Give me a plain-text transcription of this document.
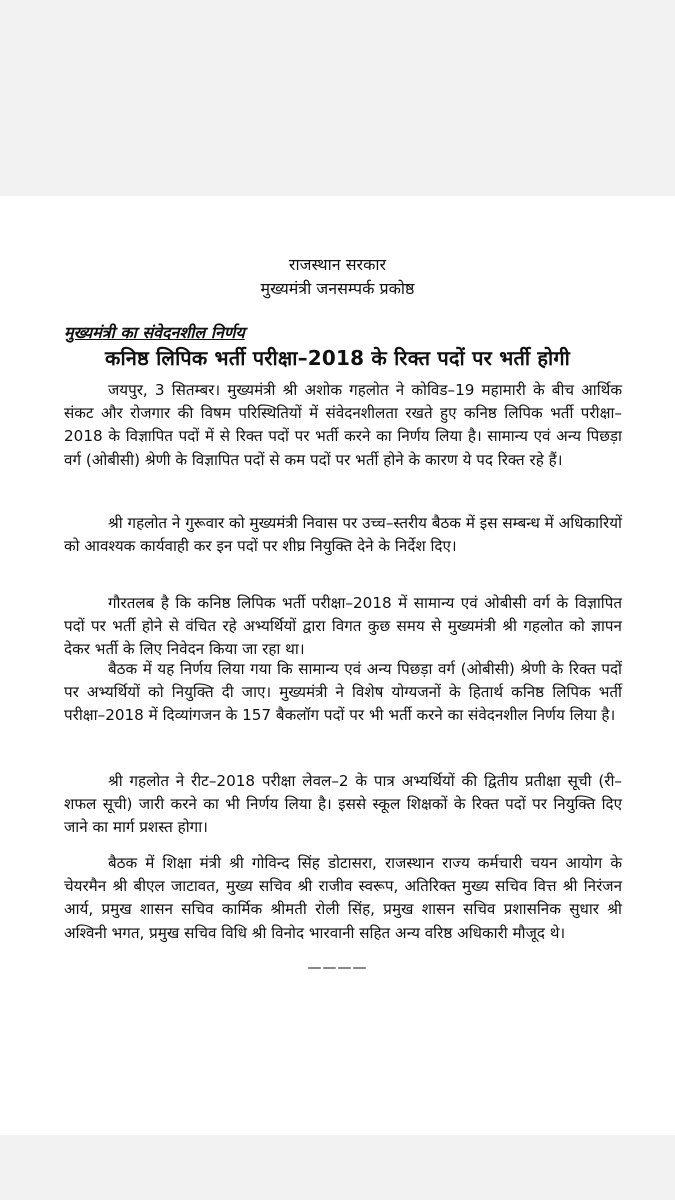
राजस्थान सरकार
मुख्यमंत्री जनसम्पर्क प्रकोष्ठ
मुख्यमंत्री का संवेदनशील निर्णय
कनिष्ठ लिपिक भर्ती परीक्षा–2018 के रिक्त पदों पर भर्ती होगी

जयपुर, 3 सितम्बर। मुख्यमंत्री श्री अशोक गहलोत ने कोविड–19 महामारी के बीच आर्थिक संकट और रोजगार की विषम परिस्थितियों में संवेदनशीलता रखते हुए कनिष्ठ लिपिक भर्ती परीक्षा–2018 के विज्ञापित पदों में से रिक्त पदों पर भर्ती करने का निर्णय लिया है। सामान्य एवं अन्य पिछड़ा वर्ग (ओबीसी) श्रेणी के विज्ञापित पदों से कम पदों पर भर्ती होने के कारण ये पद रिक्त रहे हैं।

श्री गहलोत ने गुरूवार को मुख्यमंत्री निवास पर उच्च–स्तरीय बैठक में इस सम्बन्ध में अधिकारियों को आवश्यक कार्यवाही कर इन पदों पर शीघ्र नियुक्ति देने के निर्देश दिए।

गौरतलब है कि कनिष्ठ लिपिक भर्ती परीक्षा–2018 में सामान्य एवं ओबीसी वर्ग के विज्ञापित पदों पर भर्ती होने से वंचित रहे अभ्यर्थियों द्वारा विगत कुछ समय से मुख्यमंत्री श्री गहलोत को ज्ञापन देकर भर्ती के लिए निवेदन किया जा रहा था।

बैठक में यह निर्णय लिया गया कि सामान्य एवं अन्य पिछड़ा वर्ग (ओबीसी) श्रेणी के रिक्त पदों पर अभ्यर्थियों को नियुक्ति दी जाए। मुख्यमंत्री ने विशेष योग्यजनों के हितार्थ कनिष्ठ लिपिक भर्ती परीक्षा–2018 में दिव्यांगजन के 157 बैकलॉग पदों पर भी भर्ती करने का संवेदनशील निर्णय लिया है।

श्री गहलोत ने रीट–2018 परीक्षा लेवल–2 के पात्र अभ्यर्थियों की द्वितीय प्रतीक्षा सूची (री–शफल सूची) जारी करने का भी निर्णय लिया है। इससे स्कूल शिक्षकों के रिक्त पदों पर नियुक्ति दिए जाने का मार्ग प्रशस्त होगा।

बैठक में शिक्षा मंत्री श्री गोविन्द सिंह डोटासरा, राजस्थान राज्य कर्मचारी चयन आयोग के चेयरमैन श्री बीएल जाटावत, मुख्य सचिव श्री राजीव स्वरूप, अतिरिक्त मुख्य सचिव वित्त श्री निरंजन आर्य, प्रमुख शासन सचिव कार्मिक श्रीमती रोली सिंह, प्रमुख शासन सचिव प्रशासनिक सुधार श्री अश्विनी भगत, प्रमुख सचिव विधि श्री विनोद भारवानी सहित अन्य वरिष्ठ अधिकारी मौजूद थे।

————
